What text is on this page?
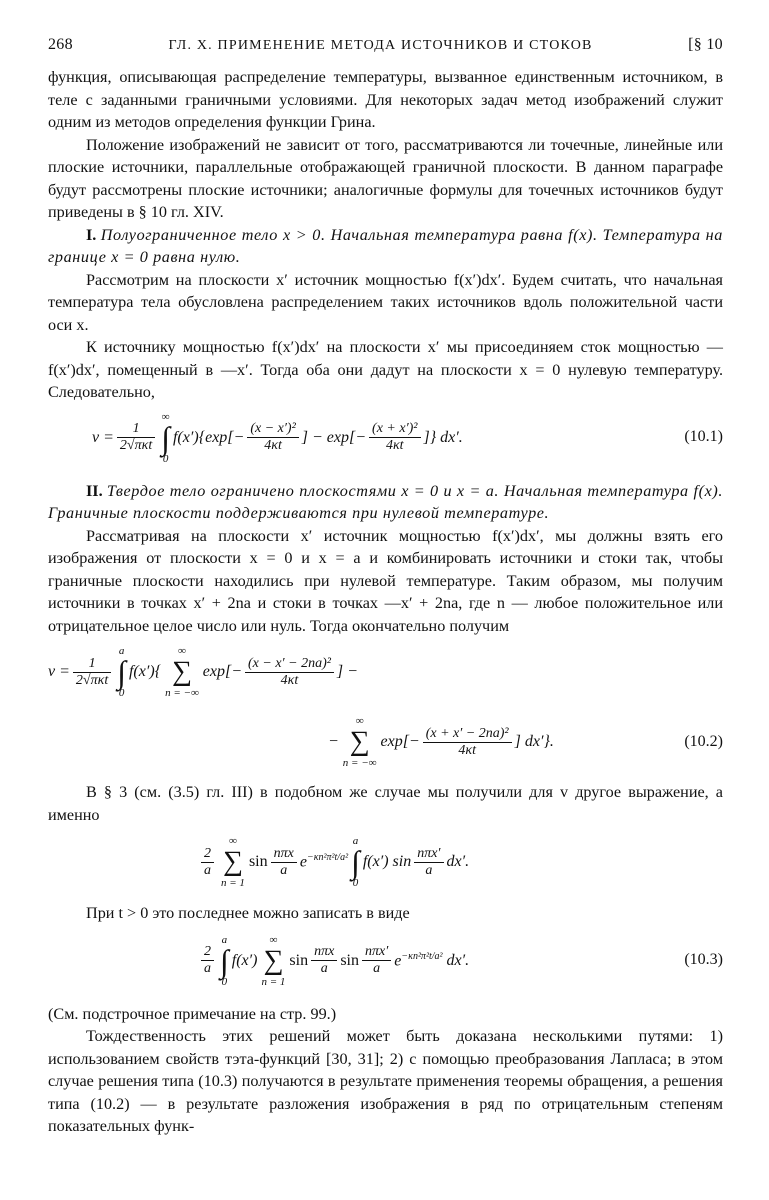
268	ГЛ. X. ПРИМЕНЕНИЕ МЕТОДА ИСТОЧНИКОВ И СТОКОВ	[§ 10

функция, описывающая распределение температуры, вызванное единственным источником, в теле с заданными граничными условиями. Для некоторых задач метод изображений служит одним из методов определения функции Грина.

Положение изображений не зависит от того, рассматриваются ли точечные, линейные или плоские источники, параллельные отображающей граничной плоскости. В данном параграфе будут рассмотрены плоские источники; аналогичные формулы для точечных источников будут приведены в § 10 гл. XIV.

I. Полуограниченное тело x > 0. Начальная температура равна f(x). Температура на границе x = 0 равна нулю.

Рассмотрим на плоскости x′ источник мощностью f(x′)dx′. Будем считать, что начальная температура тела обусловлена распределением таких источников вдоль положительной части оси x.

К источнику мощностью f(x′)dx′ на плоскости x′ мы присоединяем сток мощностью —f(x′)dx′, помещенный в —x′. Тогда оба они дадут на плоскости x = 0 нулевую температуру. Следовательно,

$v = \frac{1}{\text{2√πκt}}$
∞
∫
0
$f(x')\{\exp[- \frac{\text{(x − x′)²}}{4\kappa t}$ ] − $\exp[- \frac{\text{(x + x′)²}}{4\kappa t}$ ]} dx′.	(10.1)

II. Твердое тело ограничено плоскостями x = 0 и x = a. Начальная температура f(x). Граничные плоскости поддерживаются при нулевой температуре.

Рассматривая на плоскости x′ источник мощностью f(x′)dx′, мы должны взять его изображения от плоскости x = 0 и x = a и комбинировать источники и стоки так, чтобы граничные плоскости находились при нулевой температуре. Таким образом, мы получим источники в точках x′ + 2na и стоки в точках —x′ + 2na, где n — любое положительное или отрицательное целое число или нуль. Тогда окончательно получим

$v = \frac{1}{\text{2√πκt}}$
a
∫
0
f(x′){
∞
∑
n = −∞
$\exp[- \frac{\text{(x − x′ − 2na)²}}{4\kappa t}$ ] −
−
∞
∑
n = −∞
$\exp[- \frac{\text{(x + x′ − 2na)²}}{4\kappa t}$ ] dx′}.	(10.2)

В § 3 (см. (3.5) гл. III) в подобном же случае мы получили для v другое выражение, а именно

$\frac{2}{a}$
∞
∑
n = 1
$\sin \frac{\text{nπx}}{a} e^{-\kappa n^2\pi^2t/a^2}$
a
∫
0
f(x′) $\sin \frac{\text{nπx′}}{a} dx'$.

При t > 0 это последнее можно записать в виде

$\frac{2}{a}$
a
∫
0
f(x′)
∞
∑
n = 1
$\sin \frac{\text{nπx}}{a}$ $\sin \frac{\text{nπx′}}{a} e^{-\kappa n^2\pi^2t/a^2}$ dx′.	(10.3)

(См. подстрочное примечание на стр. 99.)

Тождественность этих решений может быть доказана несколькими путями: 1) использованием свойств тэта-функций [30, 31]; 2) с помощью преобразования Лапласа; в этом случае решения типа (10.3) получаются в результате применения теоремы обращения, а решения типа (10.2) — в результате разложения изображения в ряд по отрицательным степеням показательных функ-
